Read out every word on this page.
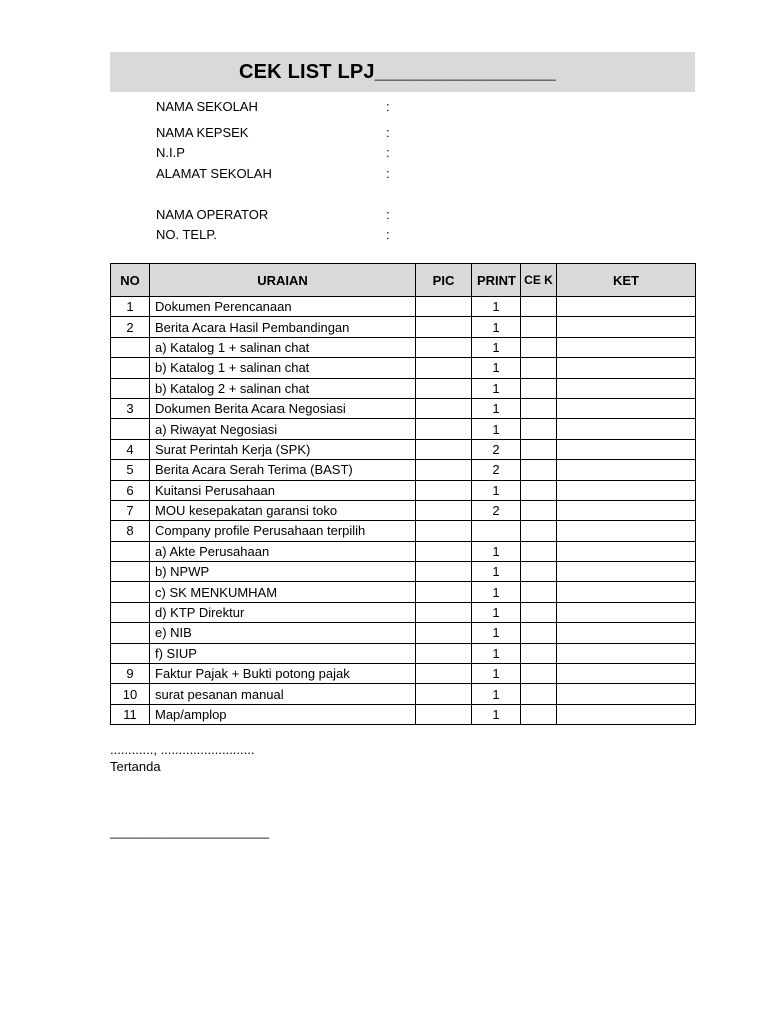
CEK LIST LPJ________________
NAMA SEKOLAH	:
NAMA KEPSEK	:
N.I.P	:
ALAMAT SEKOLAH	:
NAMA OPERATOR	:
NO. TELP.	:
NO	URAIAN	PIC	PRINT	CE K	KET
1	Dokumen Perencanaan		1		
2	Berita Acara Hasil Pembandingan		1		
	a) Katalog 1 + salinan chat		1		
	b) Katalog 1 + salinan chat		1		
	b) Katalog 2 + salinan chat		1		
3	Dokumen Berita Acara Negosiasi		1		
	a) Riwayat Negosiasi		1		
4	Surat Perintah Kerja (SPK)		2		
5	Berita Acara Serah Terima (BAST)		2		
6	Kuitansi Perusahaan		1		
7	MOU kesepakatan garansi toko		2		
8	Company profile Perusahaan terpilih				
	a) Akte Perusahaan		1		
	b) NPWP		1		
	c) SK MENKUMHAM		1		
	d) KTP Direktur		1		
	e) NIB		1		
	f) SIUP		1		
9	Faktur Pajak + Bukti potong pajak		1		
10	surat pesanan manual		1		
11	Map/amplop		1		
............, ..........................
Tertanda
______________________
